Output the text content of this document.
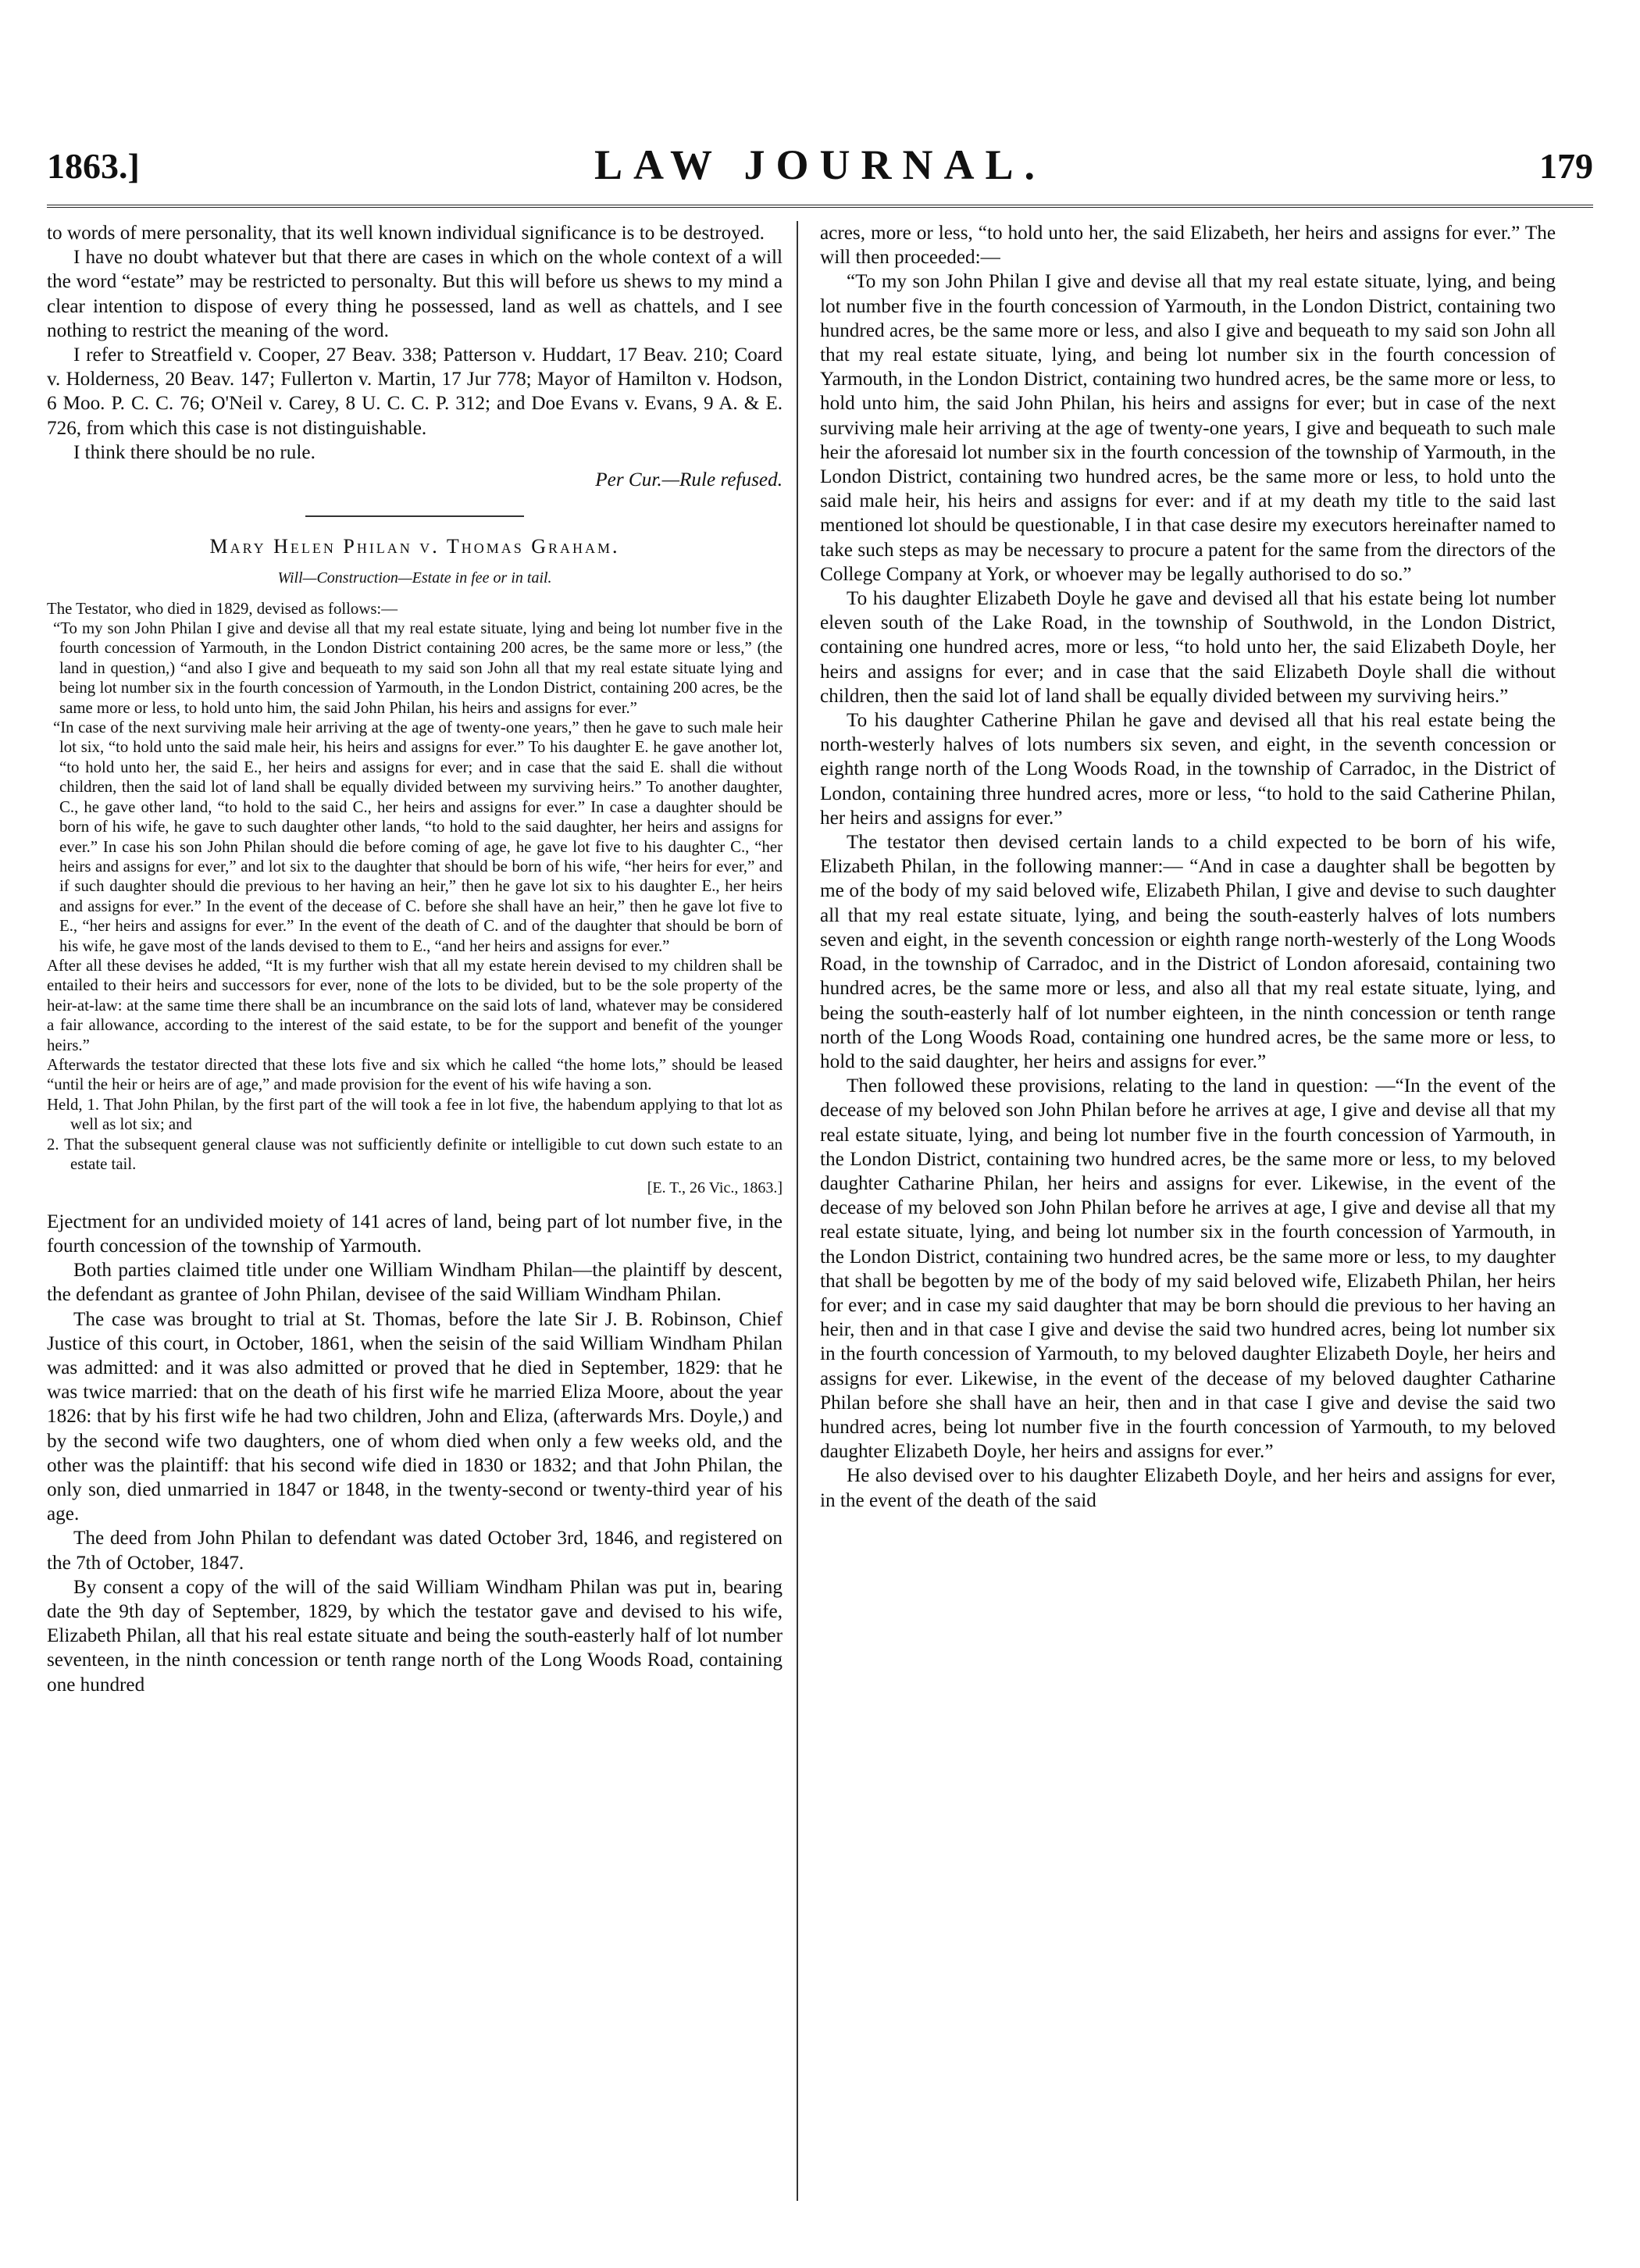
1863.]	LAW JOURNAL.	179

to words of mere personality, that its well known individual significance is to be destroyed.

I have no doubt whatever but that there are cases in which on the whole context of a will the word “estate” may be restricted to personalty. But this will before us shews to my mind a clear intention to dispose of every thing he possessed, land as well as chattels, and I see nothing to restrict the meaning of the word.

I refer to Streatfield v. Cooper, 27 Beav. 338; Patterson v. Huddart, 17 Beav. 210; Coard v. Holderness, 20 Beav. 147; Fullerton v. Martin, 17 Jur 778; Mayor of Hamilton v. Hodson, 6 Moo. P. C. C. 76; O'Neil v. Carey, 8 U. C. C. P. 312; and Doe Evans v. Evans, 9 A. & E. 726, from which this case is not distinguishable.

I think there should be no rule.

Per Cur.—Rule refused.

Mary Helen Philan v. Thomas Graham.

Will—Construction—Estate in fee or in tail.

The Testator, who died in 1829, devised as follows:—

“To my son John Philan I give and devise all that my real estate situate, lying and being lot number five in the fourth concession of Yarmouth, in the London District containing 200 acres, be the same more or less,” (the land in question,) “and also I give and bequeath to my said son John all that my real estate situate lying and being lot number six in the fourth concession of Yarmouth, in the London District, containing 200 acres, be the same more or less, to hold unto him, the said John Philan, his heirs and assigns for ever.”

“In case of the next surviving male heir arriving at the age of twenty-one years,” then he gave to such male heir lot six, “to hold unto the said male heir, his heirs and assigns for ever.” To his daughter E. he gave another lot, “to hold unto her, the said E., her heirs and assigns for ever; and in case that the said E. shall die without children, then the said lot of land shall be equally divided between my surviving heirs.” To another daughter, C., he gave other land, “to hold to the said C., her heirs and assigns for ever.” In case a daughter should be born of his wife, he gave to such daughter other lands, “to hold to the said daughter, her heirs and assigns for ever.” In case his son John Philan should die before coming of age, he gave lot five to his daughter C., “her heirs and assigns for ever,” and lot six to the daughter that should be born of his wife, “her heirs for ever,” and if such daughter should die previous to her having an heir,” then he gave lot six to his daughter E., her heirs and assigns for ever.” In the event of the decease of C. before she shall have an heir,” then he gave lot five to E., “her heirs and assigns for ever.” In the event of the death of C. and of the daughter that should be born of his wife, he gave most of the lands devised to them to E., “and her heirs and assigns for ever.”

After all these devises he added, “It is my further wish that all my estate herein devised to my children shall be entailed to their heirs and successors for ever, none of the lots to be divided, but to be the sole property of the heir-at-law: at the same time there shall be an incumbrance on the said lots of land, whatever may be considered a fair allowance, according to the interest of the said estate, to be for the support and benefit of the younger heirs.”

Afterwards the testator directed that these lots five and six which he called “the home lots,” should be leased “until the heir or heirs are of age,” and made provision for the event of his wife having a son.

Held, 1. That John Philan, by the first part of the will took a fee in lot five, the habendum applying to that lot as well as lot six; and

2. That the subsequent general clause was not sufficiently definite or intelligible to cut down such estate to an estate tail.

[E. T., 26 Vic., 1863.]

Ejectment for an undivided moiety of 141 acres of land, being part of lot number five, in the fourth concession of the township of Yarmouth.

Both parties claimed title under one William Windham Philan—the plaintiff by descent, the defendant as grantee of John Philan, devisee of the said William Windham Philan.

The case was brought to trial at St. Thomas, before the late Sir J. B. Robinson, Chief Justice of this court, in October, 1861, when the seisin of the said William Windham Philan was admitted: and it was also admitted or proved that he died in September, 1829: that he was twice married: that on the death of his first wife he married Eliza Moore, about the year 1826: that by his first wife he had two children, John and Eliza, (afterwards Mrs. Doyle,) and by the second wife two daughters, one of whom died when only a few weeks old, and the other was the plaintiff: that his second wife died in 1830 or 1832; and that John Philan, the only son, died unmarried in 1847 or 1848, in the twenty-second or twenty-third year of his age.

The deed from John Philan to defendant was dated October 3rd, 1846, and registered on the 7th of October, 1847.

By consent a copy of the will of the said William Windham Philan was put in, bearing date the 9th day of September, 1829, by which the testator gave and devised to his wife, Elizabeth Philan, all that his real estate situate and being the south-easterly half of lot number seventeen, in the ninth concession or tenth range north of the Long Woods Road, containing one hundred

acres, more or less, “to hold unto her, the said Elizabeth, her heirs and assigns for ever.” The will then proceeded:—

“To my son John Philan I give and devise all that my real estate situate, lying, and being lot number five in the fourth concession of Yarmouth, in the London District, containing two hundred acres, be the same more or less, and also I give and bequeath to my said son John all that my real estate situate, lying, and being lot number six in the fourth concession of Yarmouth, in the London District, containing two hundred acres, be the same more or less, to hold unto him, the said John Philan, his heirs and assigns for ever; but in case of the next surviving male heir arriving at the age of twenty-one years, I give and bequeath to such male heir the aforesaid lot number six in the fourth concession of the township of Yarmouth, in the London District, containing two hundred acres, be the same more or less, to hold unto the said male heir, his heirs and assigns for ever: and if at my death my title to the said last mentioned lot should be questionable, I in that case desire my executors hereinafter named to take such steps as may be necessary to procure a patent for the same from the directors of the College Company at York, or whoever may be legally authorised to do so.”

To his daughter Elizabeth Doyle he gave and devised all that his estate being lot number eleven south of the Lake Road, in the township of Southwold, in the London District, containing one hundred acres, more or less, “to hold unto her, the said Elizabeth Doyle, her heirs and assigns for ever; and in case that the said Elizabeth Doyle shall die without children, then the said lot of land shall be equally divided between my surviving heirs.”

To his daughter Catherine Philan he gave and devised all that his real estate being the north-westerly halves of lots numbers six seven, and eight, in the seventh concession or eighth range north of the Long Woods Road, in the township of Carradoc, in the District of London, containing three hundred acres, more or less, “to hold to the said Catherine Philan, her heirs and assigns for ever.”

The testator then devised certain lands to a child expected to be born of his wife, Elizabeth Philan, in the following manner:— “And in case a daughter shall be begotten by me of the body of my said beloved wife, Elizabeth Philan, I give and devise to such daughter all that my real estate situate, lying, and being the south-easterly halves of lots numbers seven and eight, in the seventh concession or eighth range north-westerly of the Long Woods Road, in the township of Carradoc, and in the District of London aforesaid, containing two hundred acres, be the same more or less, and also all that my real estate situate, lying, and being the south-easterly half of lot number eighteen, in the ninth concession or tenth range north of the Long Woods Road, containing one hundred acres, be the same more or less, to hold to the said daughter, her heirs and assigns for ever.”

Then followed these provisions, relating to the land in question: —“In the event of the decease of my beloved son John Philan before he arrives at age, I give and devise all that my real estate situate, lying, and being lot number five in the fourth concession of Yarmouth, in the London District, containing two hundred acres, be the same more or less, to my beloved daughter Catharine Philan, her heirs and assigns for ever. Likewise, in the event of the decease of my beloved son John Philan before he arrives at age, I give and devise all that my real estate situate, lying, and being lot number six in the fourth concession of Yarmouth, in the London District, containing two hundred acres, be the same more or less, to my daughter that shall be begotten by me of the body of my said beloved wife, Elizabeth Philan, her heirs for ever; and in case my said daughter that may be born should die previous to her having an heir, then and in that case I give and devise the said two hundred acres, being lot number six in the fourth concession of Yarmouth, to my beloved daughter Elizabeth Doyle, her heirs and assigns for ever. Likewise, in the event of the decease of my beloved daughter Catharine Philan before she shall have an heir, then and in that case I give and devise the said two hundred acres, being lot number five in the fourth concession of Yarmouth, to my beloved daughter Elizabeth Doyle, her heirs and assigns for ever.”

He also devised over to his daughter Elizabeth Doyle, and her heirs and assigns for ever, in the event of the death of the said
